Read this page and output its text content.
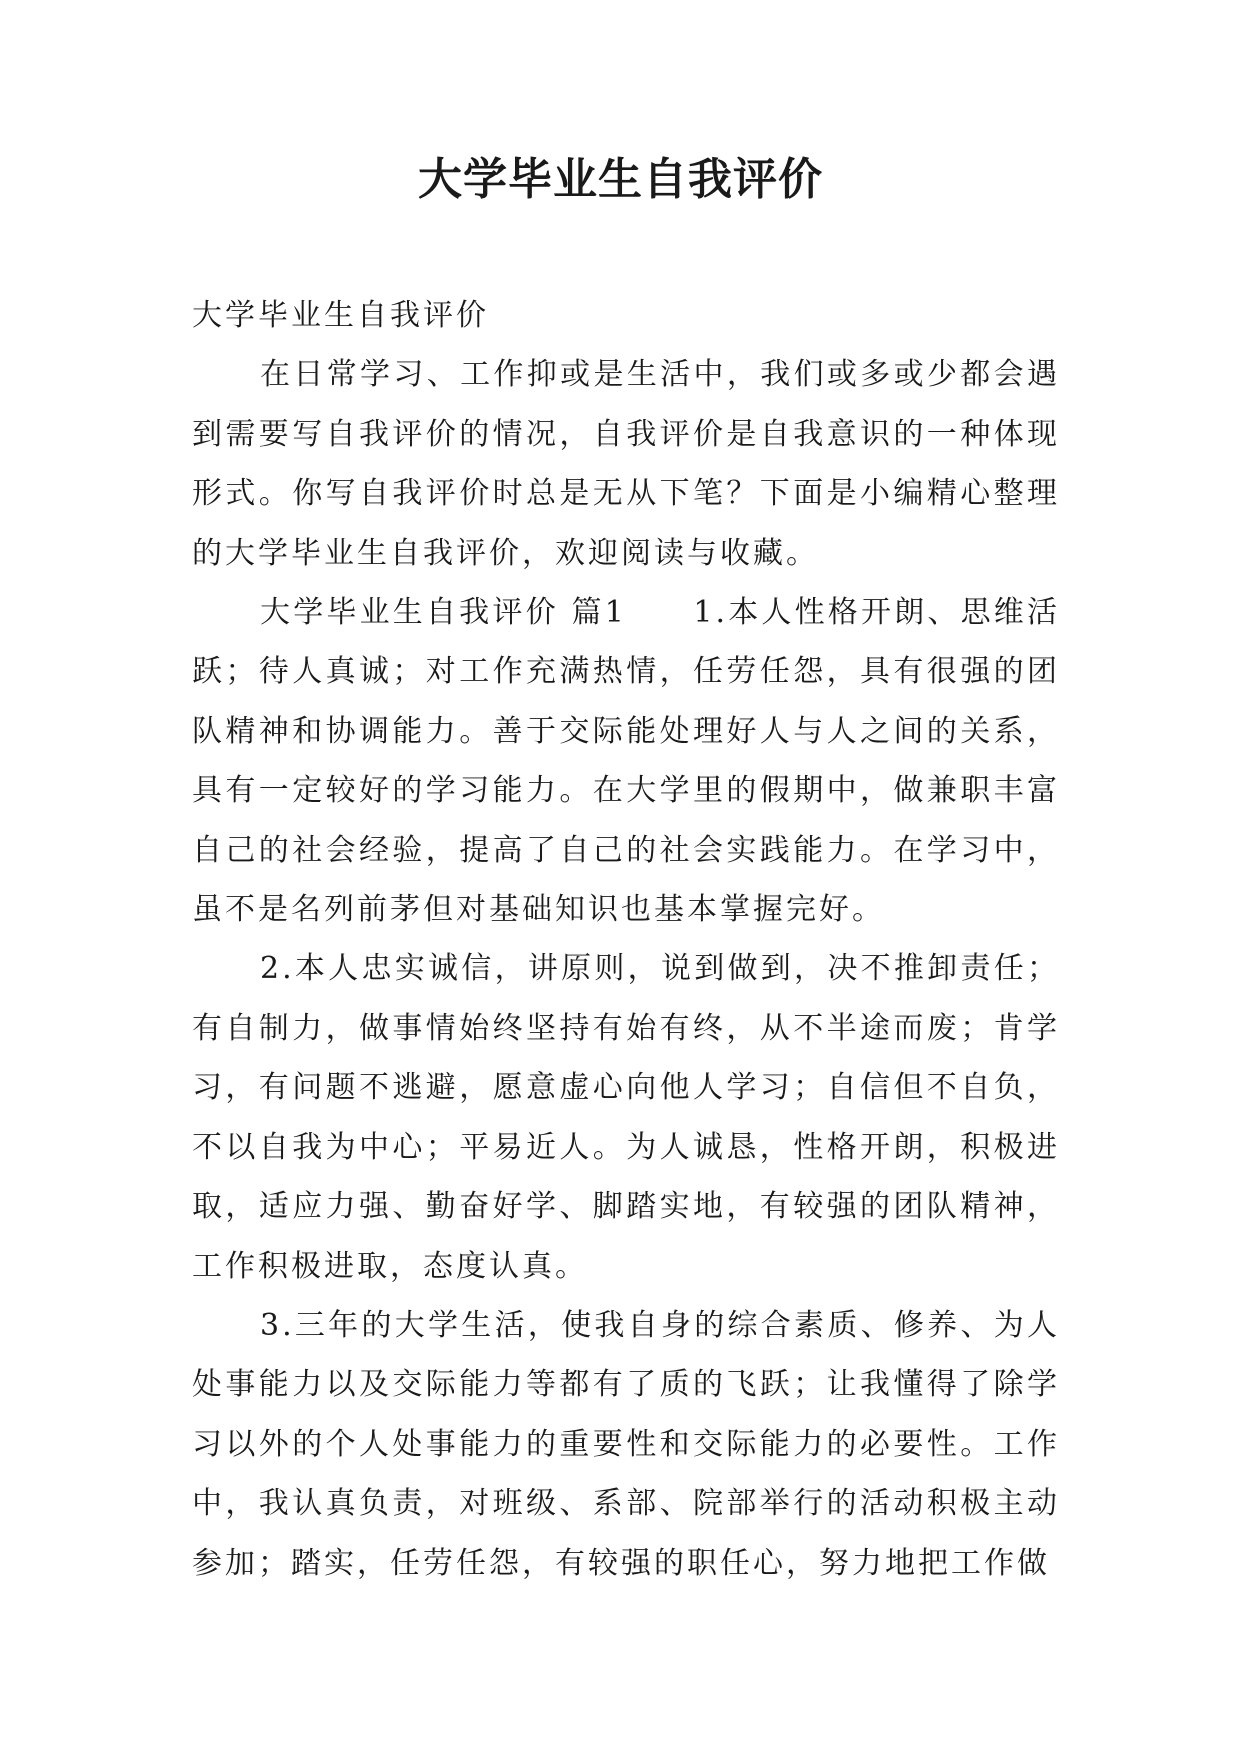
大学毕业生自我评价

大学毕业生自我评价

在日常学习、工作抑或是生活中，我们或多或少都会遇到需要写自我评价的情况，自我评价是自我意识的一种体现形式。你写自我评价时总是无从下笔？下面是小编精心整理的大学毕业生自我评价，欢迎阅读与收藏。

大学毕业生自我评价 篇1　　1.本人性格开朗、思维活跃；待人真诚；对工作充满热情，任劳任怨，具有很强的团队精神和协调能力。善于交际能处理好人与人之间的关系，具有一定较好的学习能力。在大学里的假期中，做兼职丰富自己的社会经验，提高了自己的社会实践能力。在学习中，虽不是名列前茅但对基础知识也基本掌握完好。

2.本人忠实诚信，讲原则，说到做到，决不推卸责任；有自制力，做事情始终坚持有始有终，从不半途而废；肯学习，有问题不逃避，愿意虚心向他人学习；自信但不自负，不以自我为中心；平易近人。为人诚恳，性格开朗，积极进取，适应力强、勤奋好学、脚踏实地，有较强的团队精神，工作积极进取，态度认真。

3.三年的大学生活，使我自身的综合素质、修养、为人处事能力以及交际能力等都有了质的飞跃；让我懂得了除学习以外的个人处事能力的重要性和交际能力的必要性。工作中，我认真负责，对班级、系部、院部举行的活动积极主动参加；踏实，任劳任怨，有较强的职任心，努力地把工作做
